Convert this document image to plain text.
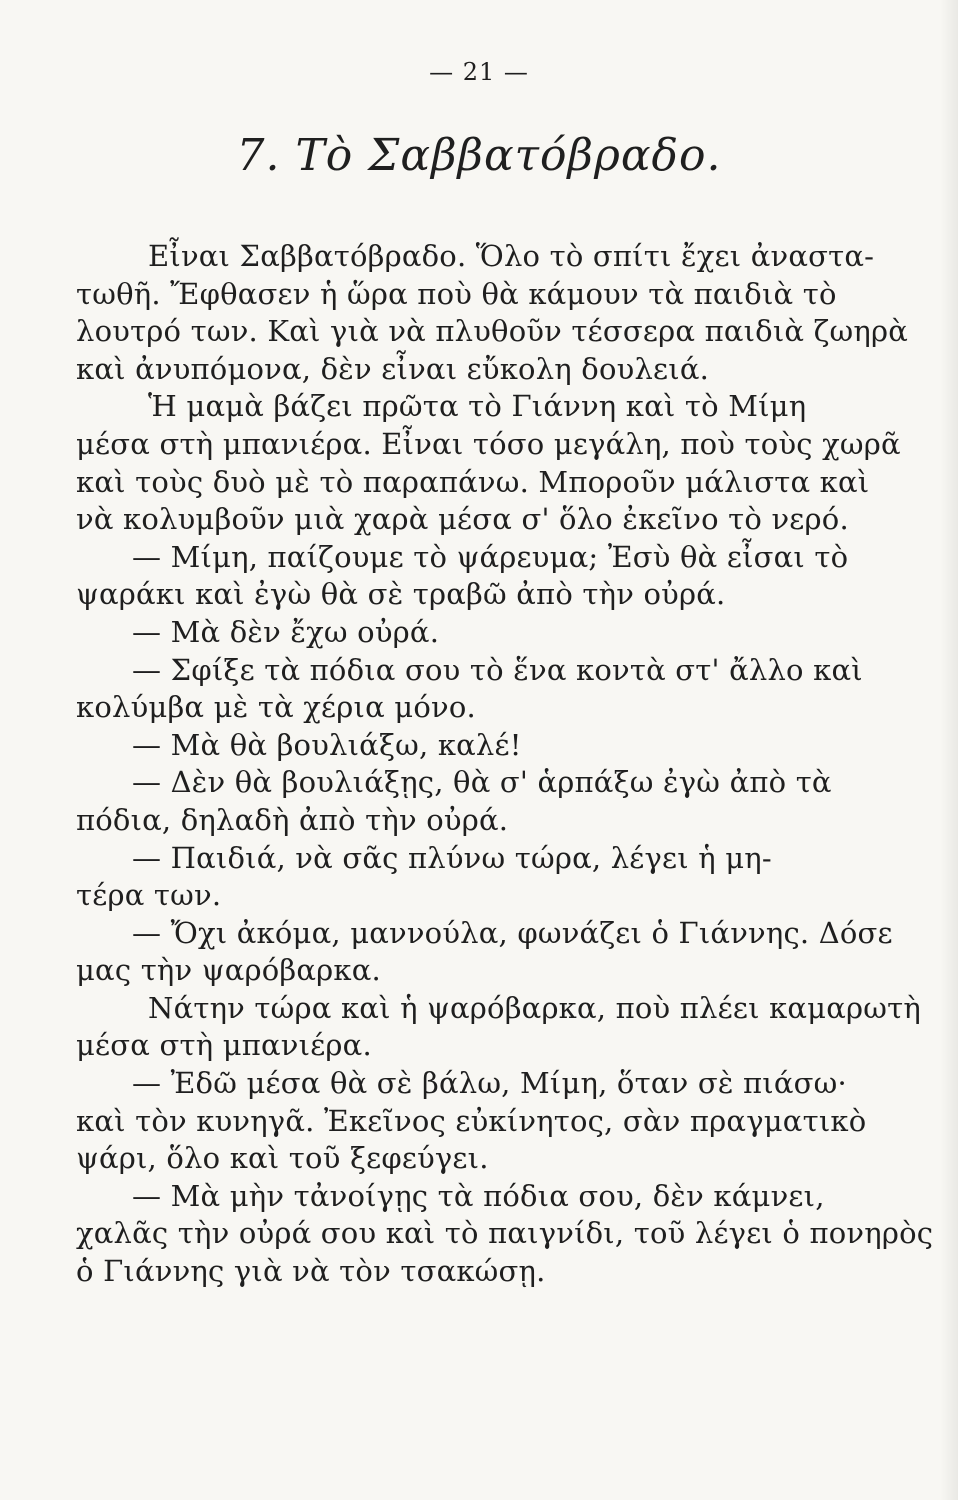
— 21 —
7. Τὸ Σαββατόβραδο.
Εἶναι Σαββατόβραδο. Ὅλο τὸ σπίτι ἔχει ἀναστα-
τωθῆ. Ἔφθασεν ἡ ὥρα ποὺ θὰ κάμουν τὰ παιδιὰ τὸ
λουτρό των. Καὶ γιὰ νὰ πλυθοῦν τέσσερα παιδιὰ ζωηρὰ
καὶ ἀνυπόμονα, δὲν εἶναι εὔκολη δουλειά.
Ἡ μαμὰ βάζει πρῶτα τὸ Γιάννη καὶ τὸ Μίμη
μέσα στὴ μπανιέρα. Εἶναι τόσο μεγάλη, ποὺ τοὺς χωρᾶ
καὶ τοὺς δυὸ μὲ τὸ παραπάνω. Μποροῦν μάλιστα καὶ
νὰ κολυμβοῦν μιὰ χαρὰ μέσα σ' ὅλο ἐκεῖνο τὸ νερό.
— Μίμη, παίζουμε τὸ ψάρευμα; Ἐσὺ θὰ εἶσαι τὸ
ψαράκι καὶ ἐγὼ θὰ σὲ τραβῶ ἀπὸ τὴν οὐρά.
— Μὰ δὲν ἔχω οὐρά.
— Σφίξε τὰ πόδια σου τὸ ἕνα κοντὰ στ' ἄλλο καὶ
κολύμβα μὲ τὰ χέρια μόνο.
— Μὰ θὰ βουλιάξω, καλέ!
— Δὲν θὰ βουλιάξῃς, θὰ σ' ἁρπάξω ἐγὼ ἀπὸ τὰ
πόδια, δηλαδὴ ἀπὸ τὴν οὐρά.
— Παιδιά, νὰ σᾶς πλύνω τώρα, λέγει ἡ μη-
τέρα των.
— Ὄχι ἀκόμα, μαννούλα, φωνάζει ὁ Γιάννης. Δόσε
μας τὴν ψαρόβαρκα.
Νάτην τώρα καὶ ἡ ψαρόβαρκα, ποὺ πλέει καμαρωτὴ
μέσα στὴ μπανιέρα.
— Ἐδῶ μέσα θὰ σὲ βάλω, Μίμη, ὅταν σὲ πιάσω·
καὶ τὸν κυνηγᾶ. Ἐκεῖνος εὐκίνητος, σὰν πραγματικὸ
ψάρι, ὅλο καὶ τοῦ ξεφεύγει.
— Μὰ μὴν τἀνοίγῃς τὰ πόδια σου, δὲν κάμνει,
χαλᾶς τὴν οὐρά σου καὶ τὸ παιγνίδι, τοῦ λέγει ὁ πονηρὸς
ὁ Γιάννης γιὰ νὰ τὸν τσακώσῃ.
